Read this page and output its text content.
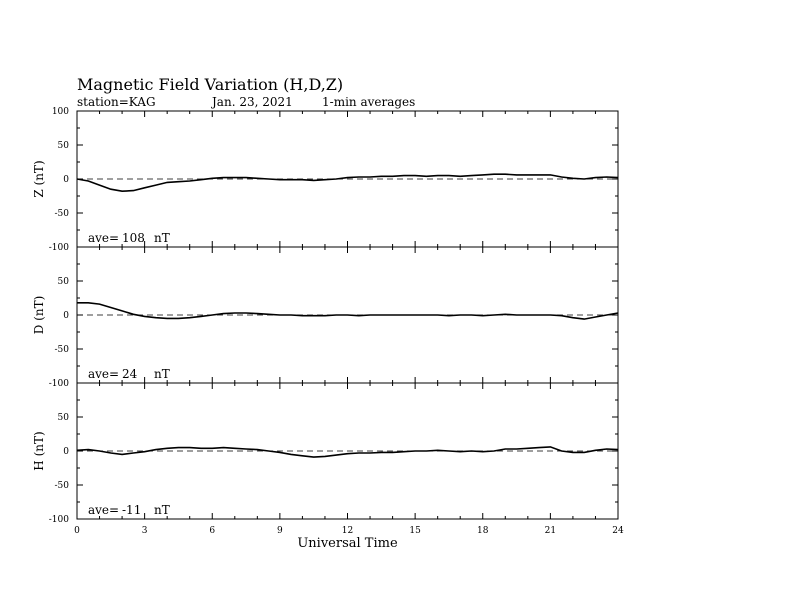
Magnetic Field Variation (H,D,Z)
station=KAG	Jan. 23, 2021 1-min averages
100
50
0
-50
-100
Z (nT)
ave= 108 nT
50
0
-50
-100
D (nT)
ave= 24 nT
50
0
-50
-100
H (nT)
ave= -11 nT
0	3	6	9	12	15	18	21	24
Universal Time
